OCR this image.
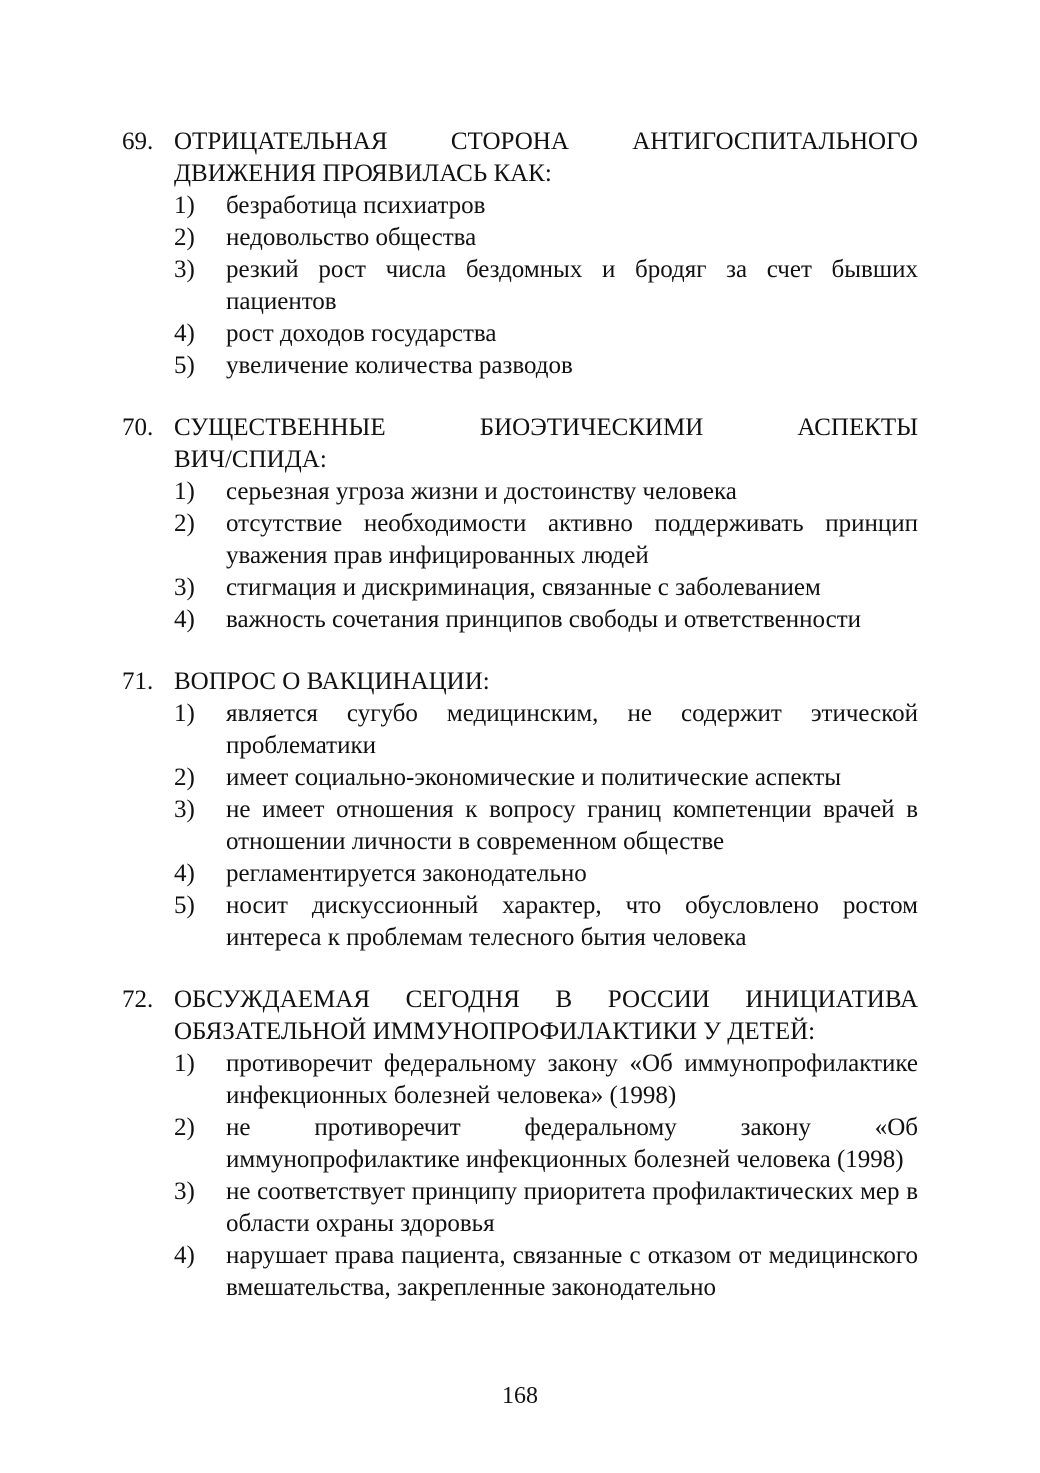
69. ОТРИЦАТЕЛЬНАЯ СТОРОНА АНТИГОСПИТАЛЬНОГО
ДВИЖЕНИЯ ПРОЯВИЛАСЬ КАК:
1)	безработица психиатров
2)	недовольство общества
3)	резкий рост числа бездомных и бродяг за счет бывших пациентов
4)	рост доходов государства
5)	увеличение количества разводов
70. СУЩЕСТВЕННЫЕ БИОЭТИЧЕСКИМИ АСПЕКТЫ
ВИЧ/СПИДА:
1)	серьезная угроза жизни и достоинству человека
2)	отсутствие необходимости активно поддерживать принцип уважения прав инфицированных людей
3)	стигмация и дискриминация, связанные с заболеванием
4)	важность сочетания принципов свободы и ответственности
71. ВОПРОС О ВАКЦИНАЦИИ:
1)	является сугубо медицинским, не содержит этической проблематики
2)	имеет социально-экономические и политические аспекты
3)	не имеет отношения к вопросу границ компетенции врачей в отношении личности в современном обществе
4)	регламентируется законодательно
5)	носит дискуссионный характер, что обусловлено ростом интереса к проблемам телесного бытия человека
72. ОБСУЖДАЕМАЯ СЕГОДНЯ В РОССИИ ИНИЦИАТИВА
ОБЯЗАТЕЛЬНОЙ ИММУНОПРОФИЛАКТИКИ У ДЕТЕЙ:
1)	противоречит федеральному закону «Об иммунопрофилактике инфекционных болезней человека» (1998)
2)	не противоречит федеральному закону «Об иммунопрофилактике инфекционных болезней человека (1998)
3)	не соответствует принципу приоритета профилактических мер в области охраны здоровья
4)	нарушает права пациента, связанные с отказом от медицинского вмешательства, закрепленные законодательно
168
